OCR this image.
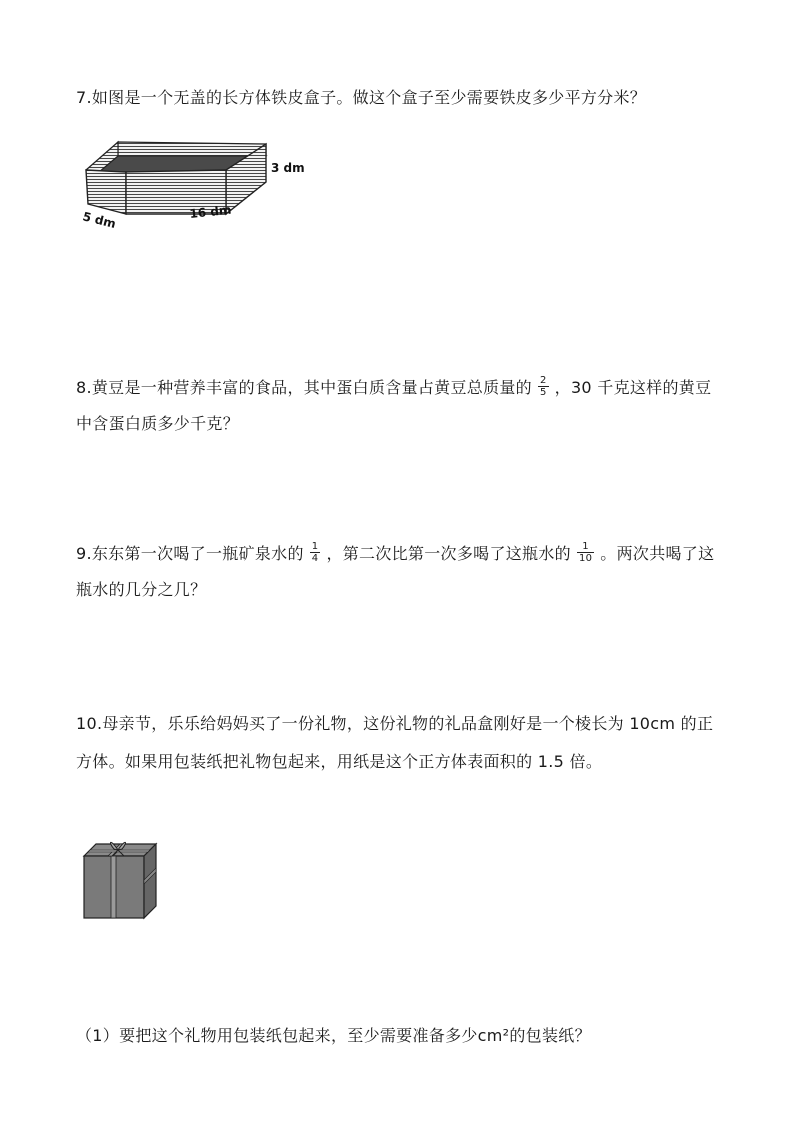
7.如图是一个无盖的长方体铁皮盒子。做这个盒子至少需要铁皮多少平方分米？
3 dm
5 dm	16 dm
8.黄豆是一种营养丰富的食品，其中蛋白质含量占黄豆总质量的 $\frac{2}{5}$ ，30 千克这样的黄豆中含蛋白质多少千克？
9.东东第一次喝了一瓶矿泉水的 $\frac{1}{4}$ ，第二次比第一次多喝了这瓶水的 $\frac{1}{10}$ 。两次共喝了这瓶水的几分之几？
10.母亲节，乐乐给妈妈买了一份礼物，这份礼物的礼品盒刚好是一个棱长为 10cm 的正方体。如果用包装纸把礼物包起来，用纸是这个正方体表面积的 1.5 倍。
（1）要把这个礼物用包装纸包起来，至少需要准备多少cm²的包装纸？
